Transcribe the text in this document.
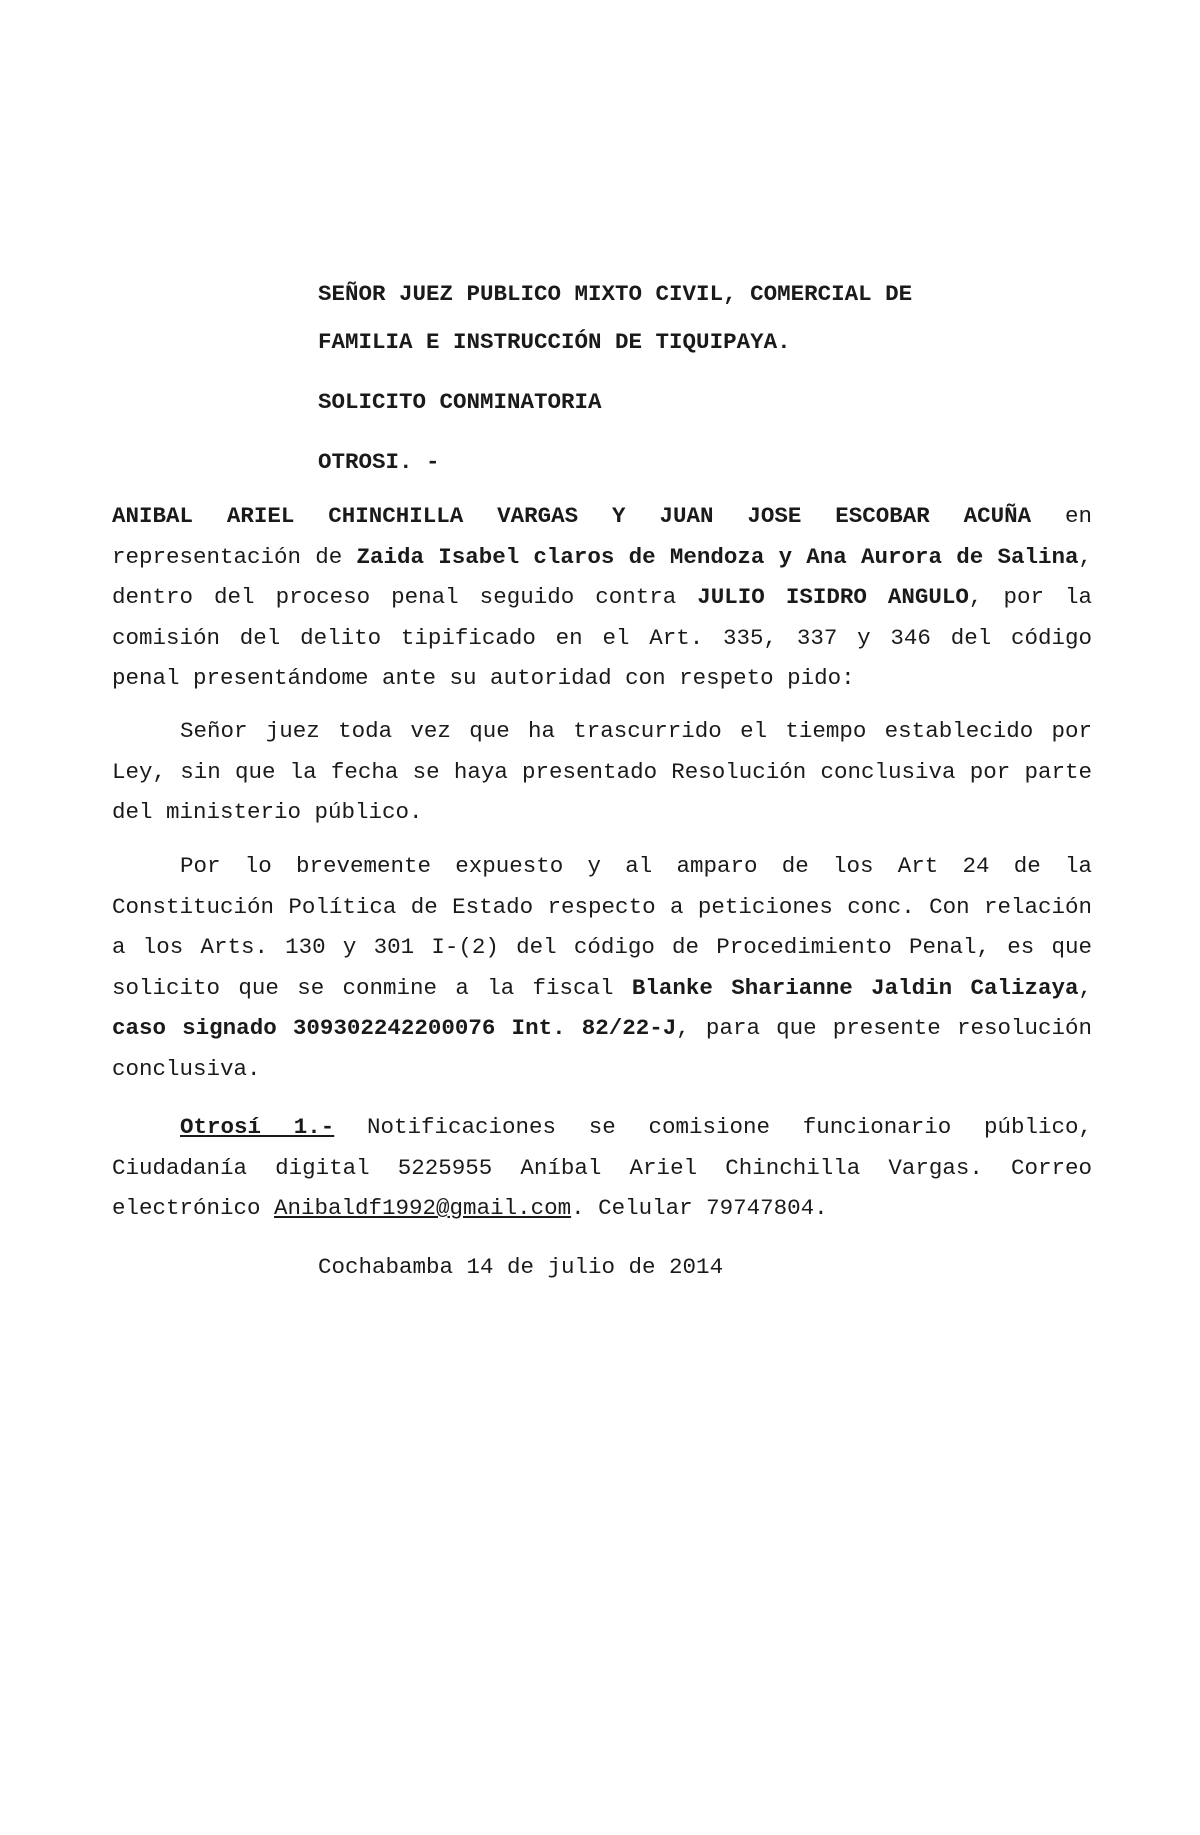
SEÑOR JUEZ PUBLICO MIXTO CIVIL, COMERCIAL DE
FAMILIA E INSTRUCCIÓN DE TIQUIPAYA.
SOLICITO CONMINATORIA
OTROSI. -

ANIBAL ARIEL CHINCHILLA VARGAS Y JUAN JOSE ESCOBAR ACUÑA en representación de Zaida Isabel claros de Mendoza y Ana Aurora de Salina, dentro del proceso penal seguido contra JULIO ISIDRO ANGULO, por la comisión del delito tipificado en el Art. 335, 337 y 346 del código penal presentándome ante su autoridad con respeto pido:

Señor juez toda vez que ha trascurrido el tiempo establecido por Ley, sin que la fecha se haya presentado Resolución conclusiva por parte del ministerio público.

Por lo brevemente expuesto y al amparo de los Art 24 de la Constitución Política de Estado respecto a peticiones conc. Con relación a los Arts. 130 y 301 I-(2) del código de Procedimiento Penal, es que solicito que se conmine a la fiscal Blanke Sharianne Jaldin Calizaya, caso signado 309302242200076 Int. 82/22-J, para que presente resolución conclusiva.

Otrosí 1.- Notificaciones se comisione funcionario público, Ciudadanía digital 5225955 Aníbal Ariel Chinchilla Vargas. Correo electrónico Anibaldf1992@gmail.com. Celular 79747804.

Cochabamba 14 de julio de 2014
